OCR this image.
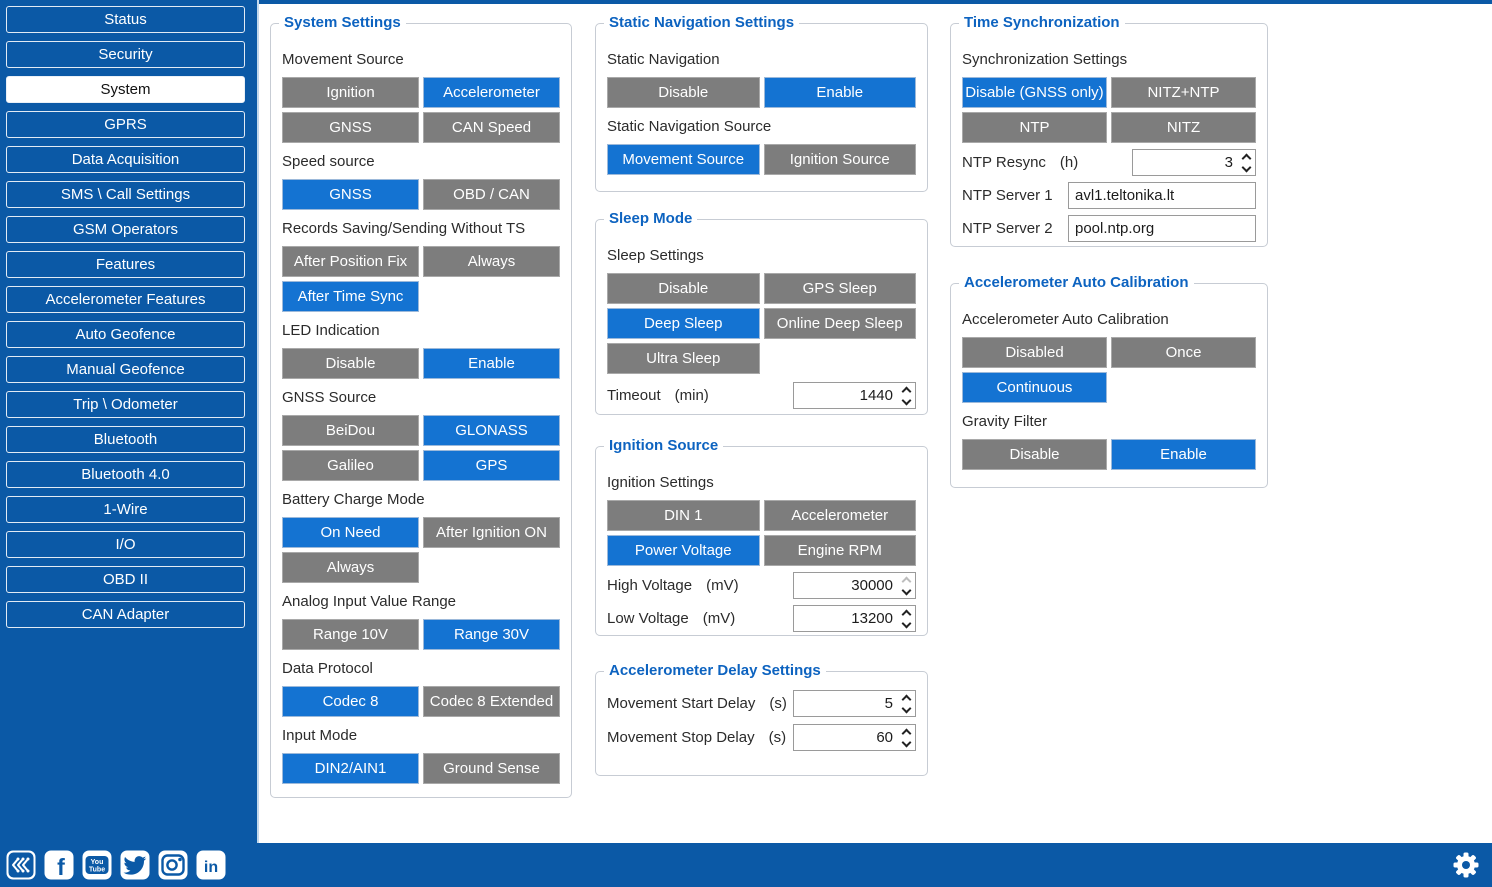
Status
Security
System
GPRS
Data Acquisition
SMS \ Call Settings
GSM Operators
Features
Accelerometer Features
Auto Geofence
Manual Geofence
Trip \ Odometer
Bluetooth
Bluetooth 4.0
1-Wire
I/O
OBD II
CAN Adapter
System Settings
Movement Source
Ignition	Accelerometer
GNSS	CAN Speed
Speed source
GNSS	OBD / CAN
Records Saving/Sending Without TS
After Position Fix	Always
After Time Sync
LED Indication
Disable	Enable
GNSS Source
BeiDou	GLONASS
Galileo	GPS
Battery Charge Mode
On Need	After Ignition ON
Always
Analog Input Value Range
Range 10V	Range 30V
Data Protocol
Codec 8	Codec 8 Extended
Input Mode
DIN2/AIN1	Ground Sense
Static Navigation Settings
Static Navigation
Disable	Enable
Static Navigation Source
Movement Source	Ignition Source
Sleep Mode
Sleep Settings
Disable	GPS Sleep
Deep Sleep	Online Deep Sleep
Ultra Sleep
Timeout (min)
1440
Ignition Source
Ignition Settings
DIN 1	Accelerometer
Power Voltage	Engine RPM
High Voltage (mV)
30000
Low Voltage (mV)
13200
Accelerometer Delay Settings
Movement Start Delay (s)
5
Movement Stop Delay (s)
60
Time Synchronization
Synchronization Settings
Disable (GNSS only)	NITZ+NTP
NTP	NITZ
NTP Resync (h)
3
NTP Server 1
avl1.teltonika.lt
NTP Server 2
pool.ntp.org
Accelerometer Auto Calibration
Accelerometer Auto Calibration
Disabled	Once
Continuous
Gravity Filter
Disable	Enable
f	You
Tube	in
